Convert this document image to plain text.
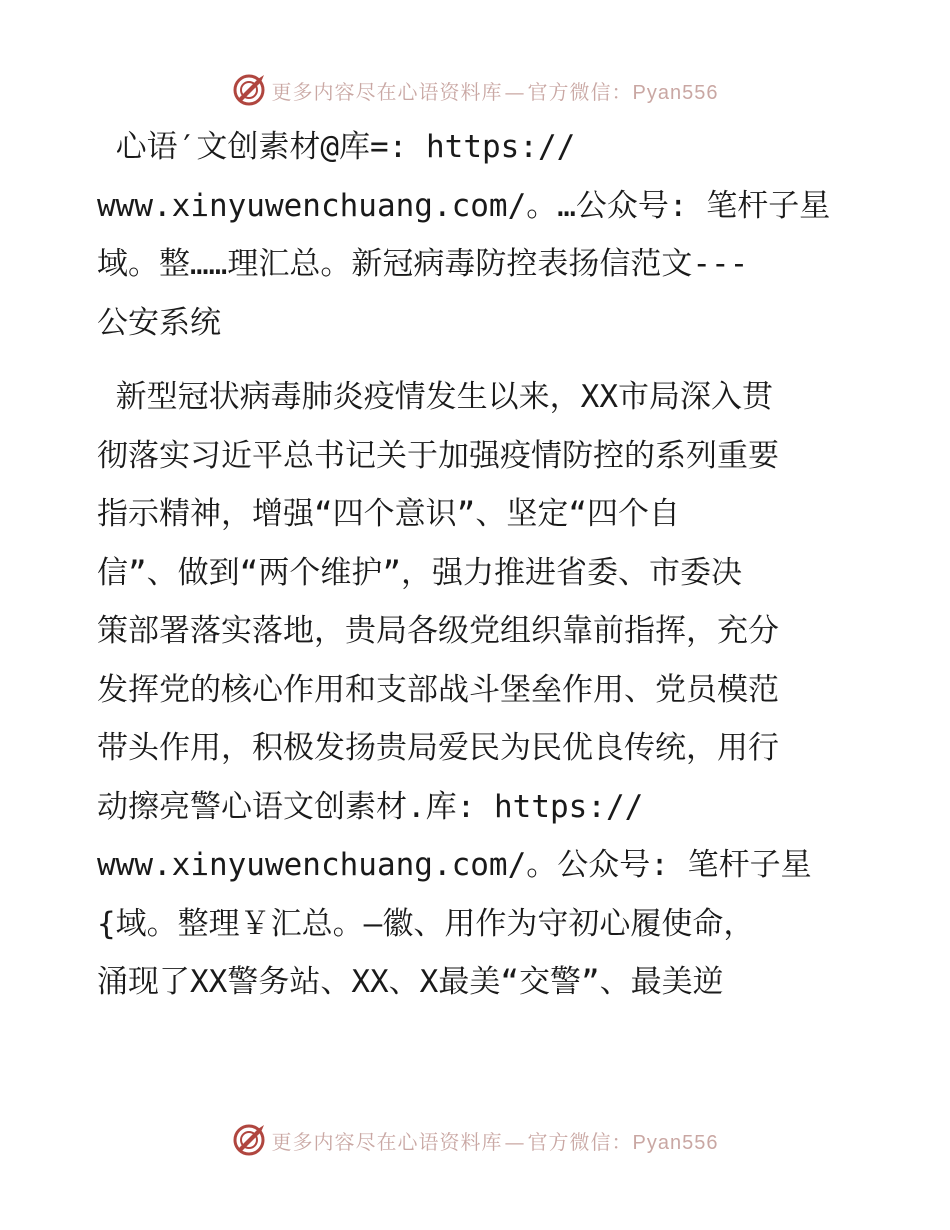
更多内容尽在心语资料库 — 官方微信：Pyan556

心语′文创素材@库=: https://
www.xinyuwenchuang.com/。…公众号: 笔杆子星
域。整……理汇总。新冠病毒防控表扬信范文---
公安系统

新型冠状病毒肺炎疫情发生以来，XX市局深入贯
彻落实习近平总书记关于加强疫情防控的系列重要
指示精神，增强“四个意识”、坚定“四个自
信”、做到“两个维护”，强力推进省委、市委决
策部署落实落地，贵局各级党组织靠前指挥，充分
发挥党的核心作用和支部战斗堡垒作用、党员模范
带头作用，积极发扬贵局爱民为民优良传统，用行
动擦亮警心语文创素材.库: https://
www.xinyuwenchuang.com/。公众号: 笔杆子星
{域。整理￥汇总。—徽、用作为守初心履使命，
涌现了XX警务站、XX、X最美“交警”、最美逆

更多内容尽在心语资料库 — 官方微信：Pyan556
